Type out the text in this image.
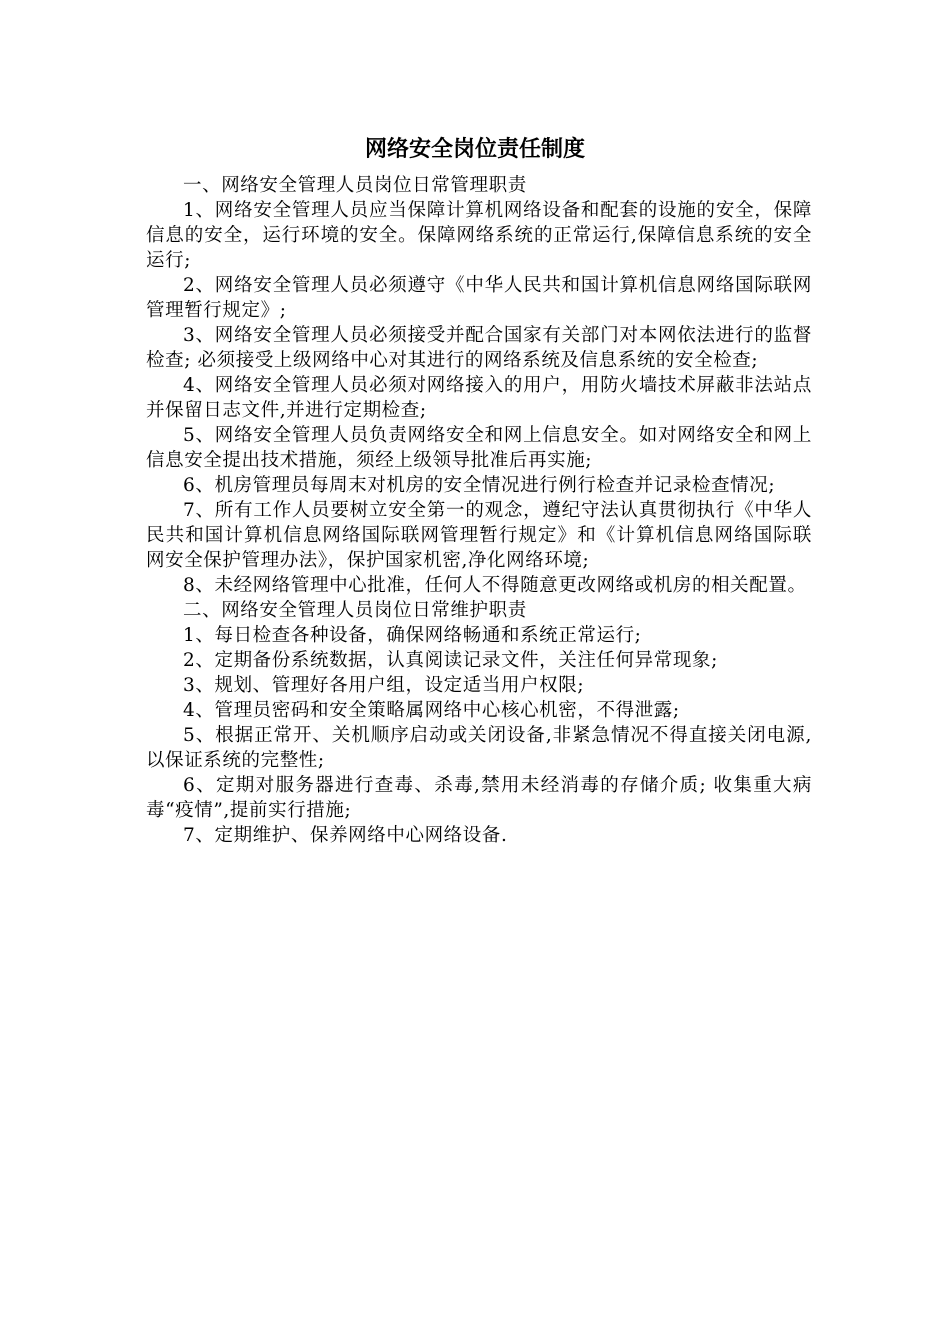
网络安全岗位责任制度

一、网络安全管理人员岗位日常管理职责

1、网络安全管理人员应当保障计算机网络设备和配套的设施的安全，保障信息的安全，运行环境的安全。保障网络系统的正常运行,保障信息系统的安全运行;

2、网络安全管理人员必须遵守《中华人民共和国计算机信息网络国际联网管理暂行规定》;

3、网络安全管理人员必须接受并配合国家有关部门对本网依法进行的监督检查; 必须接受上级网络中心对其进行的网络系统及信息系统的安全检查;

4、网络安全管理人员必须对网络接入的用户，用防火墙技术屏蔽非法站点并保留日志文件,并进行定期检查;

5、网络安全管理人员负责网络安全和网上信息安全。如对网络安全和网上信息安全提出技术措施，须经上级领导批准后再实施;

6、机房管理员每周末对机房的安全情况进行例行检查并记录检查情况;

7、所有工作人员要树立安全第一的观念，遵纪守法认真贯彻执行《中华人民共和国计算机信息网络国际联网管理暂行规定》和《计算机信息网络国际联网安全保护管理办法》，保护国家机密,净化网络环境;

8、未经网络管理中心批准，任何人不得随意更改网络或机房的相关配置。

二、网络安全管理人员岗位日常维护职责

1、每日检查各种设备，确保网络畅通和系统正常运行;

2、定期备份系统数据，认真阅读记录文件，关注任何异常现象;

3、规划、管理好各用户组，设定适当用户权限;

4、管理员密码和安全策略属网络中心核心机密，不得泄露;

5、根据正常开、关机顺序启动或关闭设备,非紧急情况不得直接关闭电源,以保证系统的完整性;

6、定期对服务器进行查毒、杀毒,禁用未经消毒的存储介质; 收集重大病毒“疫情”,提前实行措施;

7、定期维护、保养网络中心网络设备.
